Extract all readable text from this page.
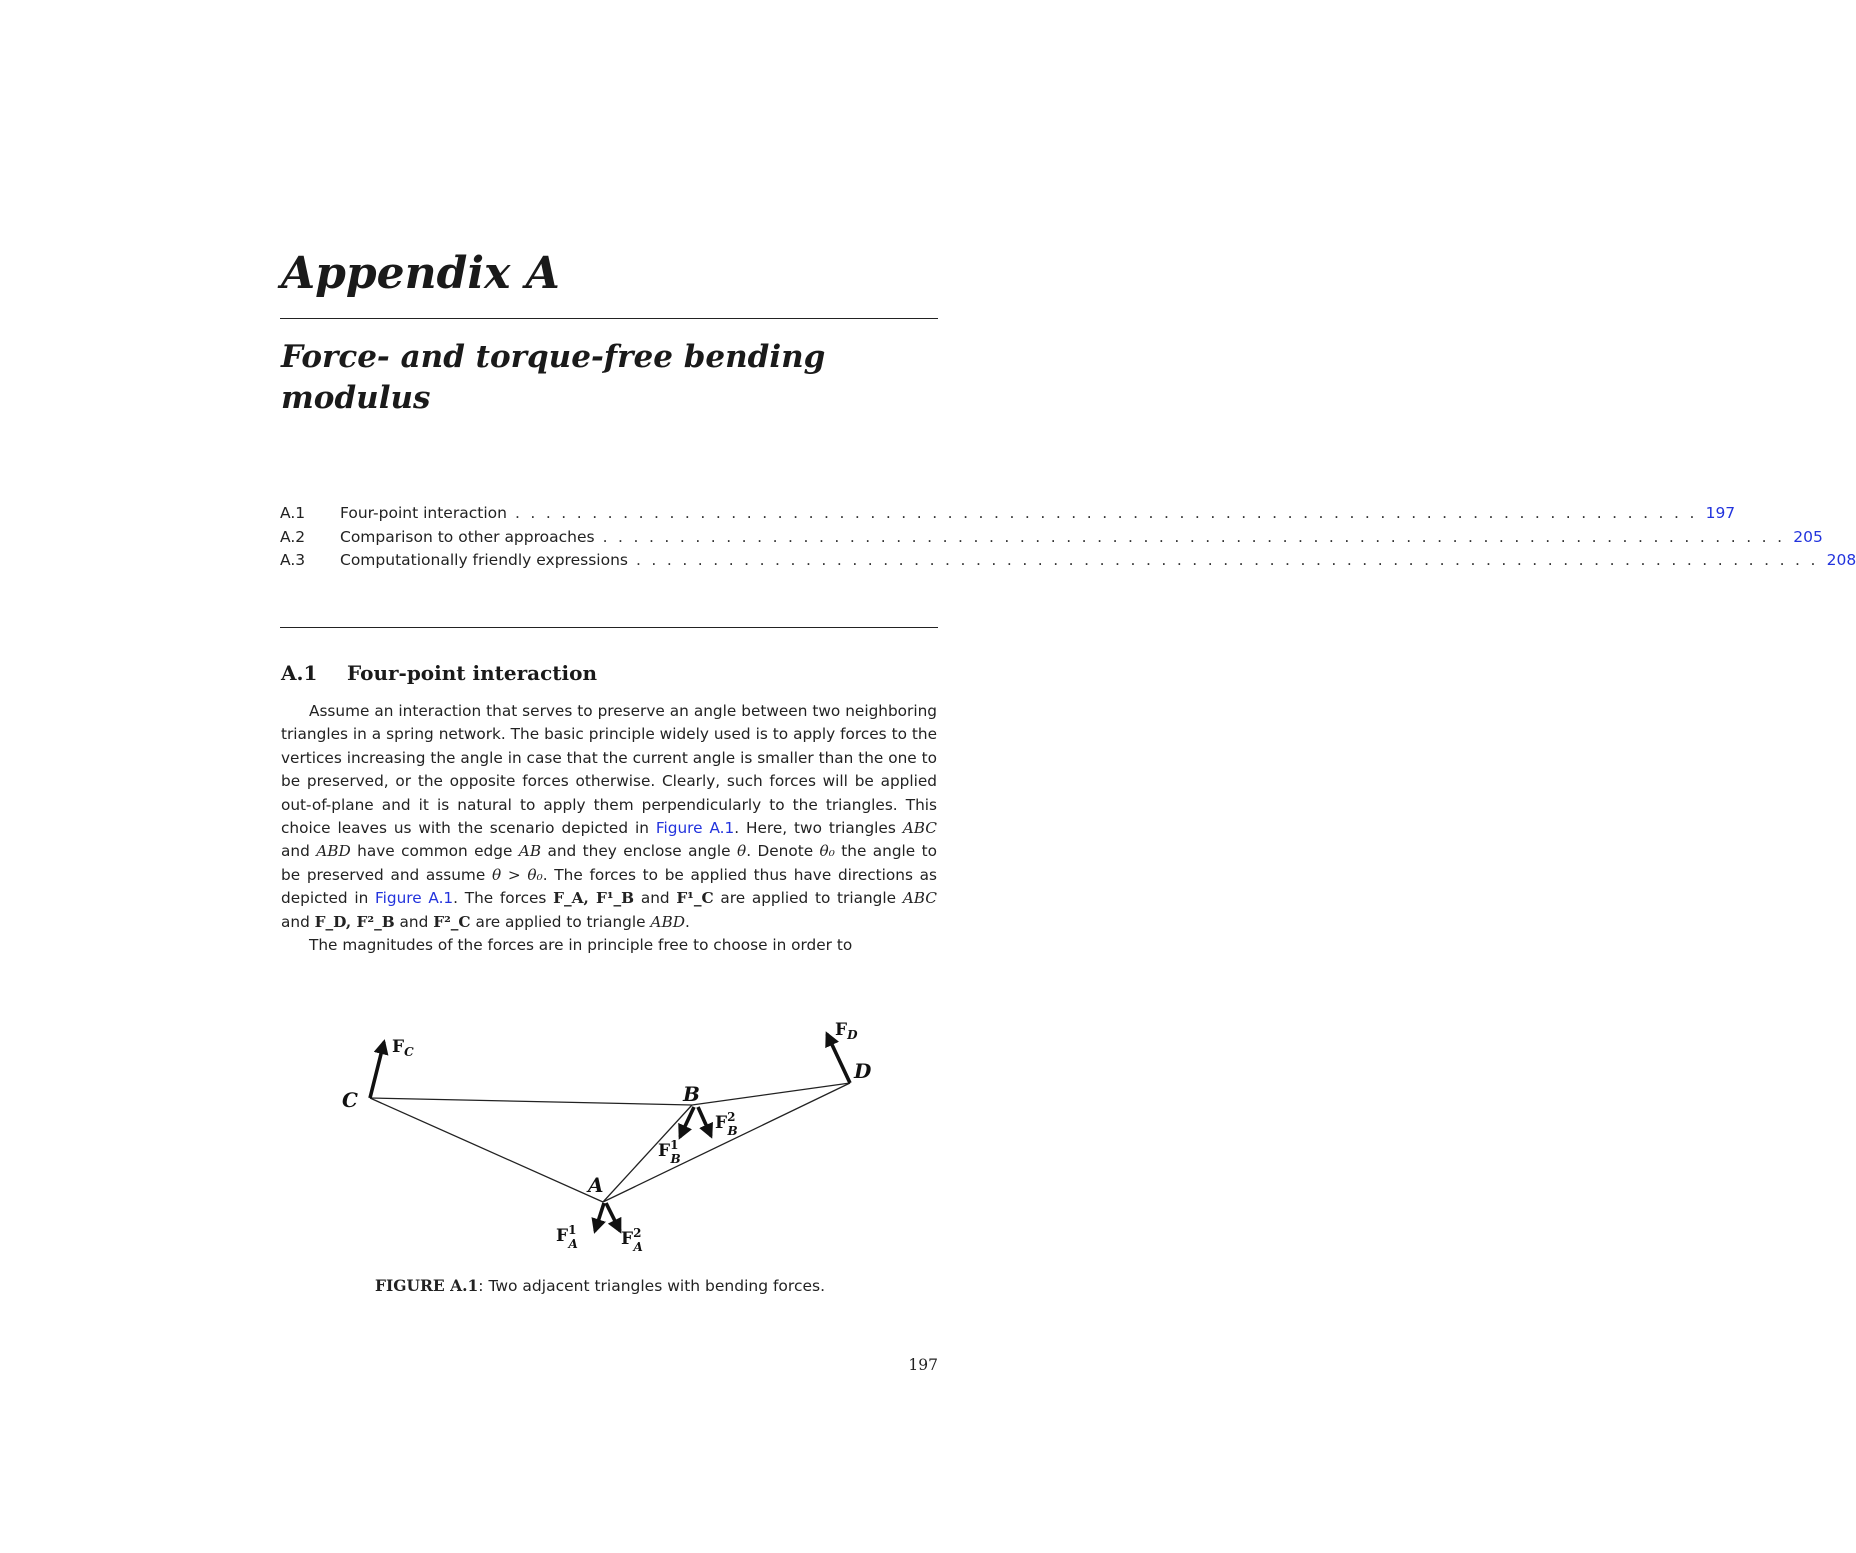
Appendix A
Force- and torque-free bending
modulus
A.1	Four-point interaction . . . . . . . . . . . . . . . . . . . . . . . . . . . . . . . . . . . . . . . . . . . . . . . . . . . . . . . . . . . . . . . . . . . . . . . . . . . . . 197
A.2	Comparison to other approaches . . . . . . . . . . . . . . . . . . . . . . . . . . . . . . . . . . . . . . . . . . . . . . . . . . . . . . . . . . . . . . . . . . . . . . . . . . . . . 205
A.3	Computationally friendly expressions . . . . . . . . . . . . . . . . . . . . . . . . . . . . . . . . . . . . . . . . . . . . . . . . . . . . . . . . . . . . . . . . . . . . . . . . . . . . . 208
A.1 Four-point interaction

Assume an interaction that serves to preserve an angle between two neighboring triangles in a spring network. The basic principle widely used is to apply forces to the vertices increasing the angle in case that the current angle is smaller than the one to be preserved, or the opposite forces otherwise. Clearly, such forces will be applied out-of-plane and it is natural to apply them perpendicularly to the triangles. This choice leaves us with the scenario depicted in Figure A.1. Here, two triangles ABC and ABD have common edge AB and they enclose angle θ. Denote θ₀ the angle to be preserved and assume θ > θ₀. The forces to be applied thus have directions as depicted in Figure A.1. The forces F_A, F¹_B and F¹_C are applied to triangle ABC and F_D, F²_B and F²_C are applied to triangle ABD.

The magnitudes of the forces are in principle free to choose in order to

C	B
D
A
$F_C$
$F_D$
$F^2$ B
$F^1$ B
$F^1$ A	$F^2$ A

FIGURE A.1: Two adjacent triangles with bending forces.

197
